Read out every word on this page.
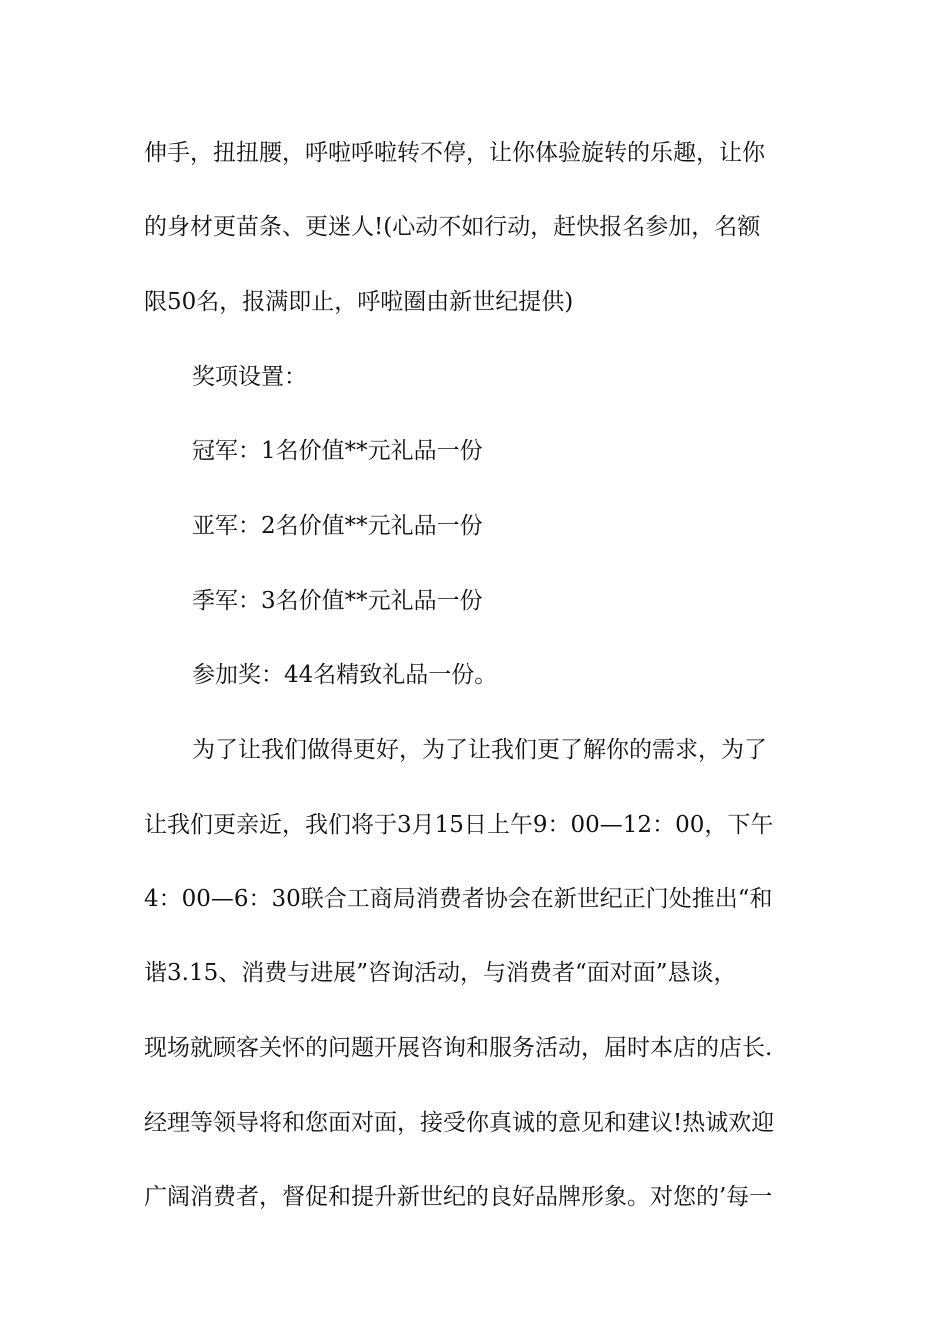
伸手，扭扭腰，呼啦呼啦转不停，让你体验旋转的乐趣，让你
的身材更苗条、更迷人!(心动不如行动，赶快报名参加，名额
限50名，报满即止，呼啦圈由新世纪提供)
奖项设置：
冠军：1名价值**元礼品一份
亚军：2名价值**元礼品一份
季军：3名价值**元礼品一份
参加奖：44名精致礼品一份。
为了让我们做得更好，为了让我们更了解你的需求，为了
让我们更亲近，我们将于3月15日上午9：00—12：00，下午
4：00—6：30联合工商局消费者协会在新世纪正门处推出“和
谐3.15、消费与进展”咨询活动，与消费者“面对面”恳谈，
现场就顾客关怀的问题开展咨询和服务活动，届时本店的店长.
经理等领导将和您面对面，接受你真诚的意见和建议!热诚欢迎
广阔消费者，督促和提升新世纪的良好品牌形象。对您的’每一
